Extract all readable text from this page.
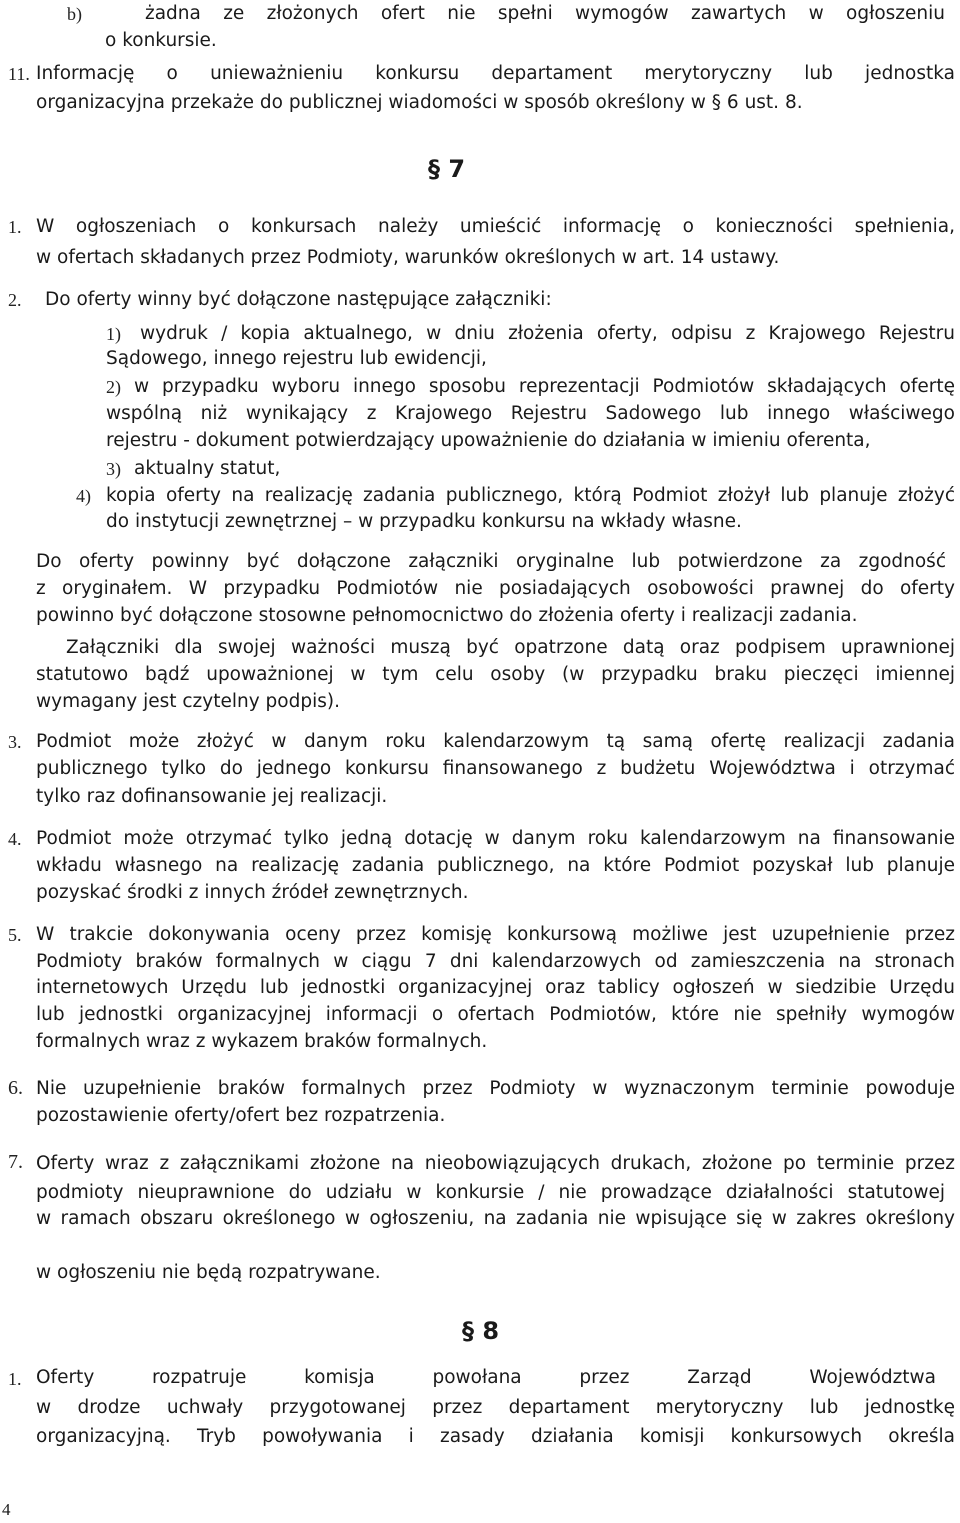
b)	żadna ze złożonych ofert nie spełni wymogów zawartych w ogłoszeniu
o konkursie.
11. Informację o unieważnieniu konkursu departament merytoryczny lub jednostka
organizacyjna przekaże do publicznej wiadomości w sposób określony w § 6 ust. 8.
§ 7
1. W ogłoszeniach o konkursach należy umieścić informację o konieczności spełnienia,
w ofertach składanych przez Podmioty, warunków określonych w art. 14 ustawy.
2. Do oferty winny być dołączone następujące załączniki:
1) wydruk / kopia aktualnego, w dniu złożenia oferty, odpisu z Krajowego Rejestru
Sądowego, innego rejestru lub ewidencji,
2) w przypadku wyboru innego sposobu reprezentacji Podmiotów składających ofertę
wspólną niż wynikający z Krajowego Rejestru Sadowego lub innego właściwego
rejestru - dokument potwierdzający upoważnienie do działania w imieniu oferenta,
3) aktualny statut,
4) kopia oferty na realizację zadania publicznego, którą Podmiot złożył lub planuje złożyć
do instytucji zewnętrznej – w przypadku konkursu na wkłady własne.
Do oferty powinny być dołączone załączniki oryginalne lub potwierdzone za zgodność
z oryginałem. W przypadku Podmiotów nie posiadających osobowości prawnej do oferty
powinno być dołączone stosowne pełnomocnictwo do złożenia oferty i realizacji zadania.
Załączniki dla swojej ważności muszą być opatrzone datą oraz podpisem uprawnionej
statutowo bądź upoważnionej w tym celu osoby (w przypadku braku pieczęci imiennej
wymagany jest czytelny podpis).
3. Podmiot może złożyć w danym roku kalendarzowym tą samą ofertę realizacji zadania
publicznego tylko do jednego konkursu finansowanego z budżetu Województwa i otrzymać
tylko raz dofinansowanie jej realizacji.
4. Podmiot może otrzymać tylko jedną dotację w danym roku kalendarzowym na finansowanie
wkładu własnego na realizację zadania publicznego, na które Podmiot pozyskał lub planuje
pozyskać środki z innych źródeł zewnętrznych.
5. W trakcie dokonywania oceny przez komisję konkursową możliwe jest uzupełnienie przez
Podmioty braków formalnych w ciągu 7 dni kalendarzowych od zamieszczenia na stronach
internetowych Urzędu lub jednostki organizacyjnej oraz tablicy ogłoszeń w siedzibie Urzędu
lub jednostki organizacyjnej informacji o ofertach Podmiotów, które nie spełniły wymogów
formalnych wraz z wykazem braków formalnych.
6. Nie uzupełnienie braków formalnych przez Podmioty w wyznaczonym terminie powoduje
pozostawienie oferty/ofert bez rozpatrzenia.
7. Oferty wraz z załącznikami złożone na nieobowiązujących drukach, złożone po terminie przez
podmioty nieuprawnione do udziału w konkursie / nie prowadzące działalności statutowej
w ramach obszaru określonego w ogłoszeniu, na zadania nie wpisujące się w zakres określony
w ogłoszeniu nie będą rozpatrywane.
§ 8
1. Oferty rozpatruje komisja powołana przez Zarząd Województwa
w drodze uchwały przygotowanej przez departament merytoryczny lub jednostkę
organizacyjną. Tryb powoływania i zasady działania komisji konkursowych określa
4
